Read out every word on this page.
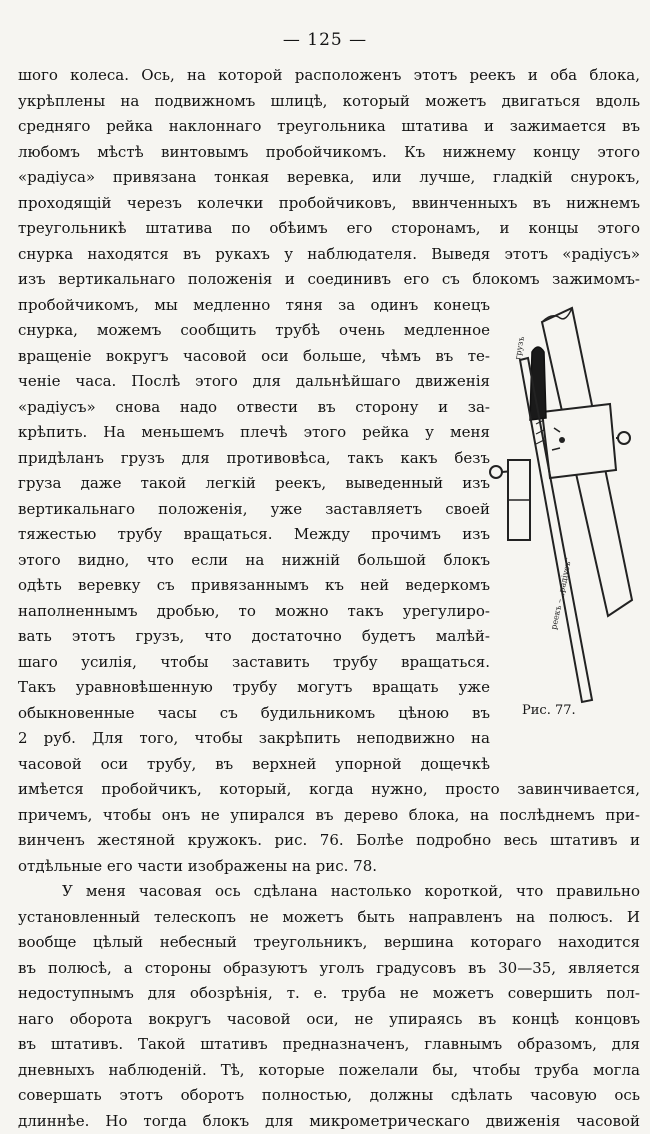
— 125 —
шого колеса. Ось, на которой расположенъ этотъ реекъ и оба блока,
укрѣплены на подвижномъ шлицѣ, который можетъ двигаться вдоль
средняго рейка наклоннаго треугольника штатива и зажимается въ
любомъ мѣстѣ винтовымъ пробойчикомъ. Къ нижнему концу этого
«радіуса» привязана тонкая веревка, или лучше, гладкій снурокъ,
проходящій черезъ колечки пробойчиковъ, ввинченныхъ въ нижнемъ
треугольникѣ штатива по обѣимъ его сторонамъ, и концы этого
снурка находятся въ рукахъ у наблюдателя. Выведя этотъ «радіусъ»
изъ вертикальнаго положенія и соединивъ его съ блокомъ зажимомъ-
пробойчикомъ, мы медленно тяня за одинъ конецъ
снурка, можемъ сообщить трубѣ очень медленное
вращеніе вокругъ часовой оси больше, чѣмъ въ те-
ченіе часа. Послѣ этого для дальнѣйшаго движенія
«радіусъ» снова надо отвести въ сторону и за-
крѣпить. На меньшемъ плечѣ этого рейка у меня
придѣланъ грузъ для противовѣса, такъ какъ безъ
груза даже такой легкій реекъ, выведенный изъ
вертикальнаго положенія, уже заставляетъ своей
тяжестью трубу вращаться. Между прочимъ изъ
этого видно, что если на нижній большой блокъ
одѣть веревку съ привязаннымъ къ ней ведеркомъ
наполненнымъ дробью, то можно такъ урегулиро-
вать этотъ грузъ, что достаточно будетъ малѣй-
шаго усилія, чтобы заставить трубу вращаться.
Такъ уравновѣшенную трубу могутъ вращать уже
обыкновенные часы съ будильникомъ цѣною въ
2 руб. Для того, чтобы закрѣпить неподвижно на
часовой оси трубу, въ верхней упорной дощечкѣ
имѣется пробойчикъ, который, когда нужно, просто завинчивается,
причемъ, чтобы онъ не упирался въ дерево блока, на послѣднемъ при-
винченъ жестяной кружокъ. рис. 76. Болѣе подробно весь штативъ и
отдѣльные его части изображены на рис. 78.
У меня часовая ось сдѣлана настолько короткой, что правильно
установленный телескопъ не можетъ быть направленъ на полюсъ. И
вообще цѣлый небесный треугольникъ, вершина котораго находится
въ полюсѣ, а стороны образуютъ уголъ градусовъ въ 30—35, является
недоступнымъ для обозрѣнія, т. е. труба не можетъ совершить пол-
наго оборота вокругъ часовой оси, не упираясь въ концѣ концовъ
въ штативъ. Такой штативъ предназначенъ, главнымъ образомъ, для
дневныхъ наблюденій. Тѣ, которые пожелали бы, чтобы труба могла
совершать этотъ оборотъ полностью, должны сдѣлать часовую ось
длиннѣе. Но тогда блокъ для микрометрическаго движенія часовой
грузъ
реекъ – „радіусъ“
Рис. 77.
